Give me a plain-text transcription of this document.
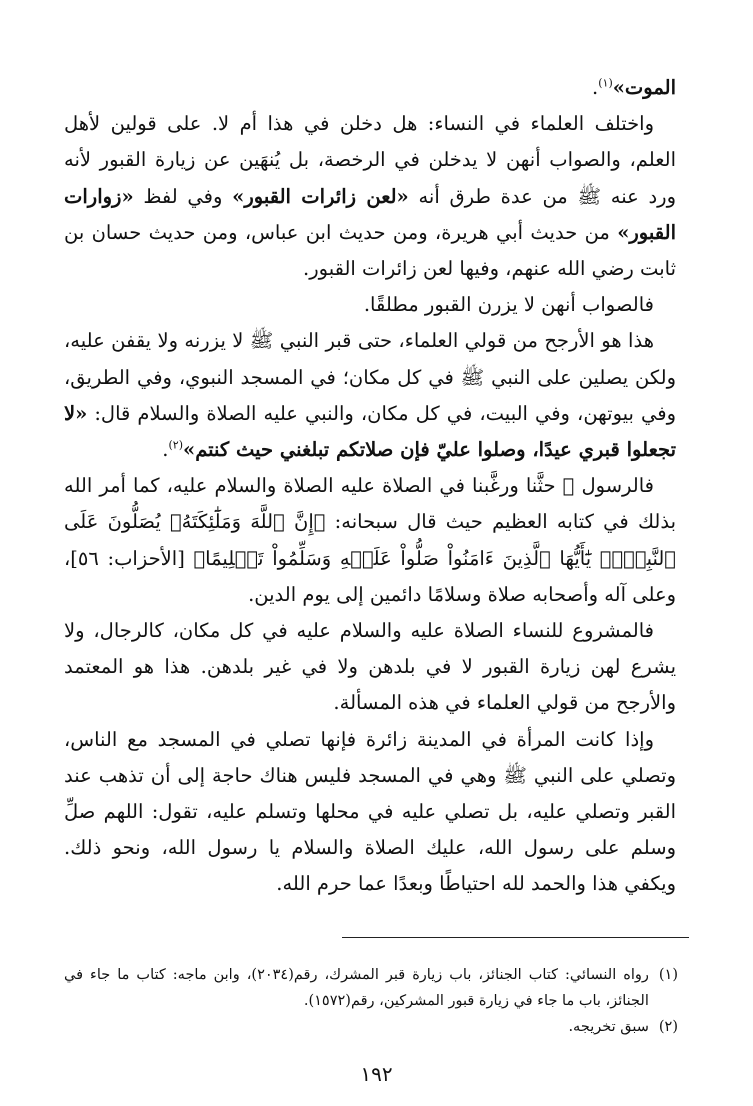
الموت»$^{(١)}$.

واختلف العلماء في النساء: هل دخلن في هذا أم لا. على قولين لأهل العلم، والصواب أنهن لا يدخلن في الرخصة، بل يُنهَين عن زيارة القبور لأنه ورد عنه ﷺ من عدة طرق أنه «لعن زائرات القبور» وفي لفظ «زوارات القبور» من حديث أبي هريرة، ومن حديث ابن عباس، ومن حديث حسان بن ثابت رضي الله عنهم، وفيها لعن زائرات القبور.

فالصواب أنهن لا يزرن القبور مطلقًا.

هذا هو الأرجح من قولي العلماء، حتى قبر النبي ﷺ لا يزرنه ولا يقفن عليه، ولكن يصلين على النبي ﷺ في كل مكان؛ في المسجد النبوي، وفي الطريق، وفي بيوتهن، وفي البيت، في كل مكان، والنبي عليه الصلاة والسلام قال: «لا تجعلوا قبري عيدًا، وصلوا عليّ فإن صلاتكم تبلغني حيث كنتم»$^{(٢)}$.

فالرسول ﷺ حثَّنا ورغَّبنا في الصلاة عليه الصلاة والسلام عليه، كما أمر الله بذلك في كتابه العظيم حيث قال سبحانه: ﴿إِنَّ ٱللَّهَ وَمَلَٰٓئِكَتَهُۥ يُصَلُّونَ عَلَى ٱلنَّبِيِّۚ يَٰٓأَيُّهَا ٱلَّذِينَ ءَامَنُواْ صَلُّواْ عَلَيۡهِ وَسَلِّمُواْ تَسۡلِيمًا﴾ [الأحزاب: ٥٦]، وعلى آله وأصحابه صلاة وسلامًا دائمين إلى يوم الدين.

فالمشروع للنساء الصلاة عليه والسلام عليه في كل مكان، كالرجال، ولا يشرع لهن زيارة القبور لا في بلدهن ولا في غير بلدهن. هذا هو المعتمد والأرجح من قولي العلماء في هذه المسألة.

وإذا كانت المرأة في المدينة زائرة فإنها تصلي في المسجد مع الناس، وتصلي على النبي ﷺ وهي في المسجد فليس هناك حاجة إلى أن تذهب عند القبر وتصلي عليه، بل تصلي عليه في محلها وتسلم عليه، تقول: اللهم صلِّ وسلم على رسول الله، عليك الصلاة والسلام يا رسول الله، ونحو ذلك. ويكفي هذا والحمد لله احتياطًا وبعدًا عما حرم الله.

(١)
رواه النسائي: كتاب الجنائز، باب زيارة قبر المشرك، رقم(٢٠٣٤)، وابن ماجه: كتاب ما جاء في الجنائز، باب ما جاء في زيارة قبور المشركين، رقم(١٥٧٢).
(٢)
سبق تخريجه.
١٩٢
